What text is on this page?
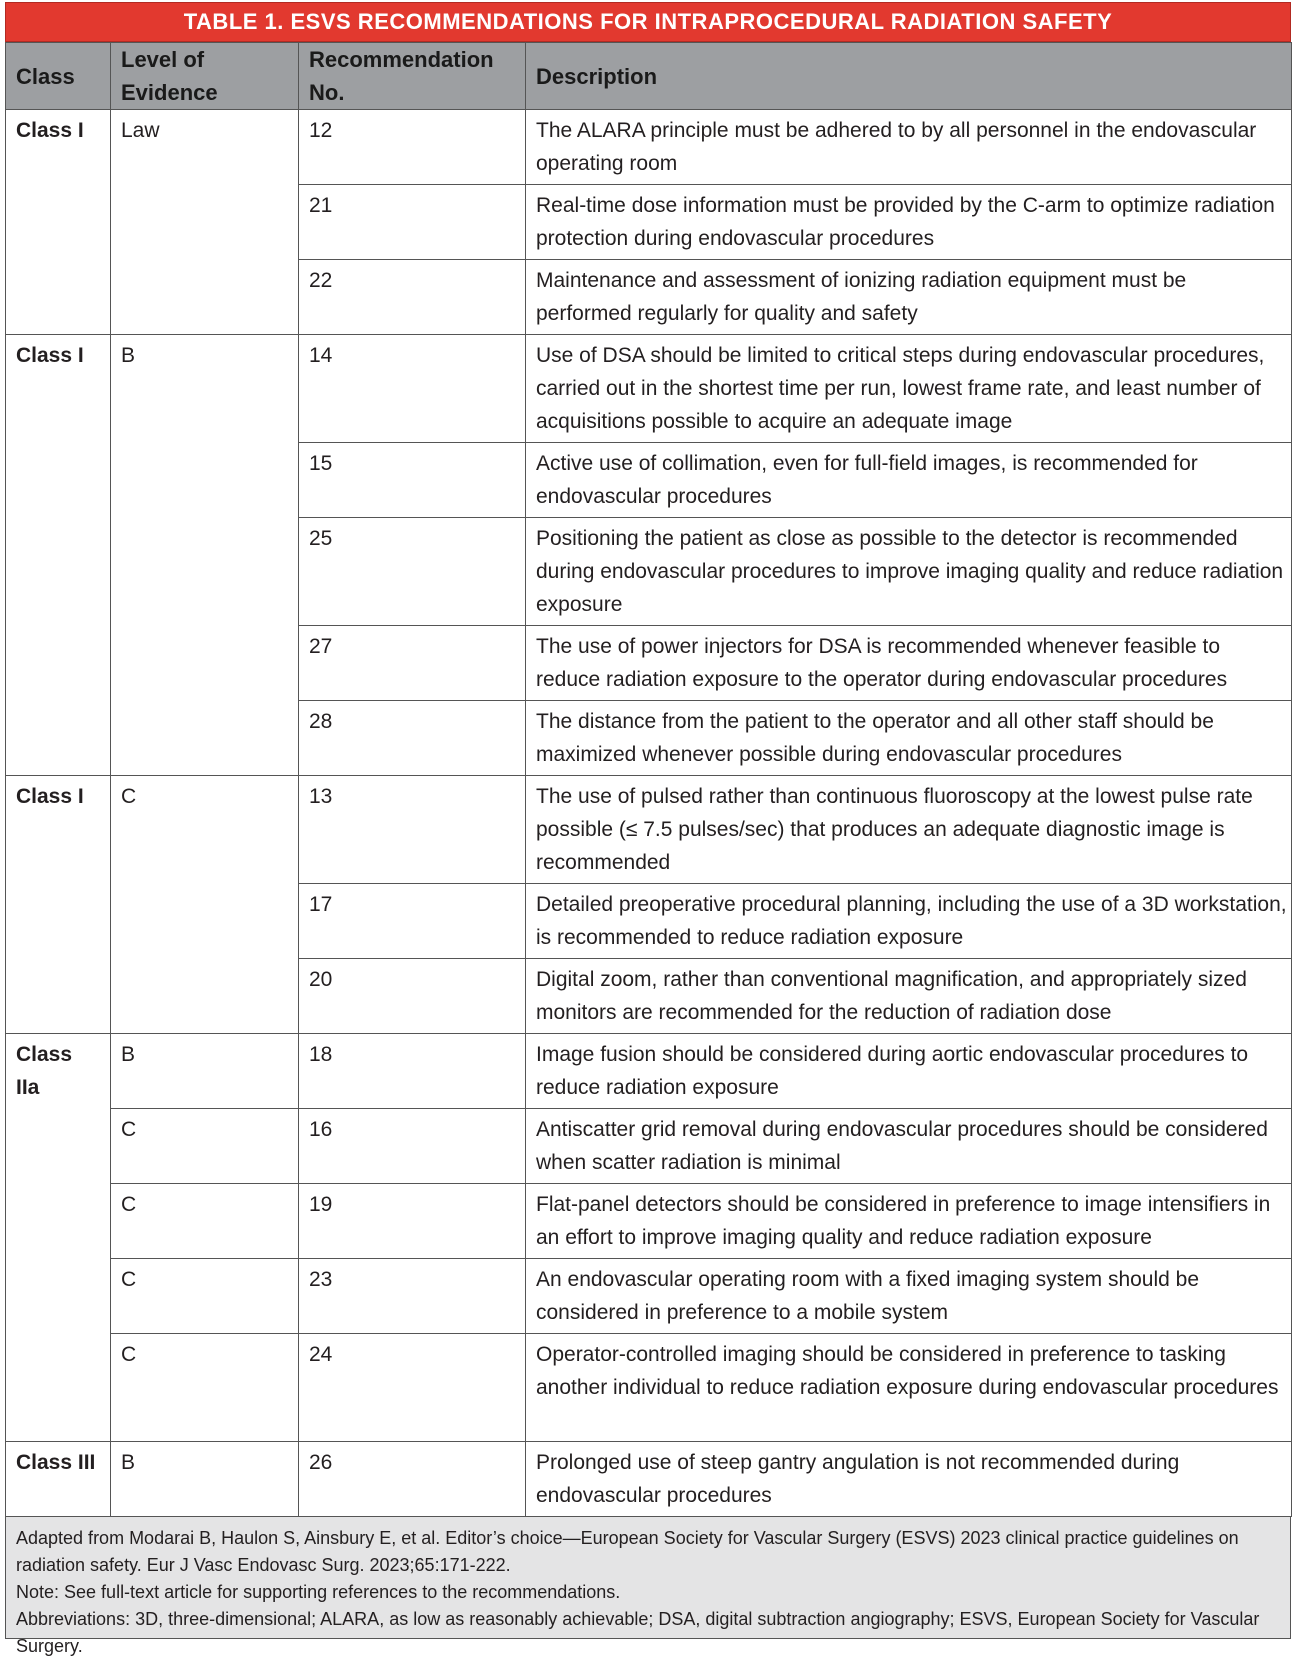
TABLE 1. ESVS RECOMMENDATIONS FOR INTRAPROCEDURAL RADIATION SAFETY
Class	Level of Evidence	Recommendation No.	Description
Class I	Law	12	The ALARA principle must be adhered to by all personnel in the endovascular operating room
		21	Real-time dose information must be provided by the C-arm to optimize radiation protection during endovascular procedures
		22	Maintenance and assessment of ionizing radiation equipment must be performed regularly for quality and safety
Class I	B	14	Use of DSA should be limited to critical steps during endovascular procedures, carried out in the shortest time per run, lowest frame rate, and least number of acquisitions possible to acquire an adequate image
		15	Active use of collimation, even for full-field images, is recommended for endovascular procedures
		25	Positioning the patient as close as possible to the detector is recommended during endovascular procedures to improve imaging quality and reduce radiation exposure
		27	The use of power injectors for DSA is recommended whenever feasible to reduce radiation exposure to the operator during endovascular procedures
		28	The distance from the patient to the operator and all other staff should be maximized whenever possible during endovascular procedures
Class I	C	13	The use of pulsed rather than continuous fluoroscopy at the lowest pulse rate possible (≤ 7.5 pulses/sec) that produces an adequate diagnostic image is recommended
		17	Detailed preoperative procedural planning, including the use of a 3D workstation, is recommended to reduce radiation exposure
		20	Digital zoom, rather than conventional magnification, and appropriately sized monitors are recommended for the reduction of radiation dose
Class IIa	B	18	Image fusion should be considered during aortic endovascular procedures to reduce radiation exposure
	C	16	Antiscatter grid removal during endovascular procedures should be considered when scatter radiation is minimal
	C	19	Flat-panel detectors should be considered in preference to image intensifiers in an effort to improve imaging quality and reduce radiation exposure
	C	23	An endovascular operating room with a fixed imaging system should be considered in preference to a mobile system
	C	24	Operator-controlled imaging should be considered in preference to tasking another individual to reduce radiation exposure during endovascular procedures
Class III	B	26	Prolonged use of steep gantry angulation is not recommended during endovascular procedures

Adapted from Modarai B, Haulon S, Ainsbury E, et al. Editor’s choice—European Society for Vascular Surgery (ESVS) 2023 clinical practice guidelines on radiation safety. Eur J Vasc Endovasc Surg. 2023;65:171-222.

Note: See full-text article for supporting references to the recommendations.

Abbreviations: 3D, three-dimensional; ALARA, as low as reasonably achievable; DSA, digital subtraction angiography; ESVS, European Society for Vascular Surgery.
